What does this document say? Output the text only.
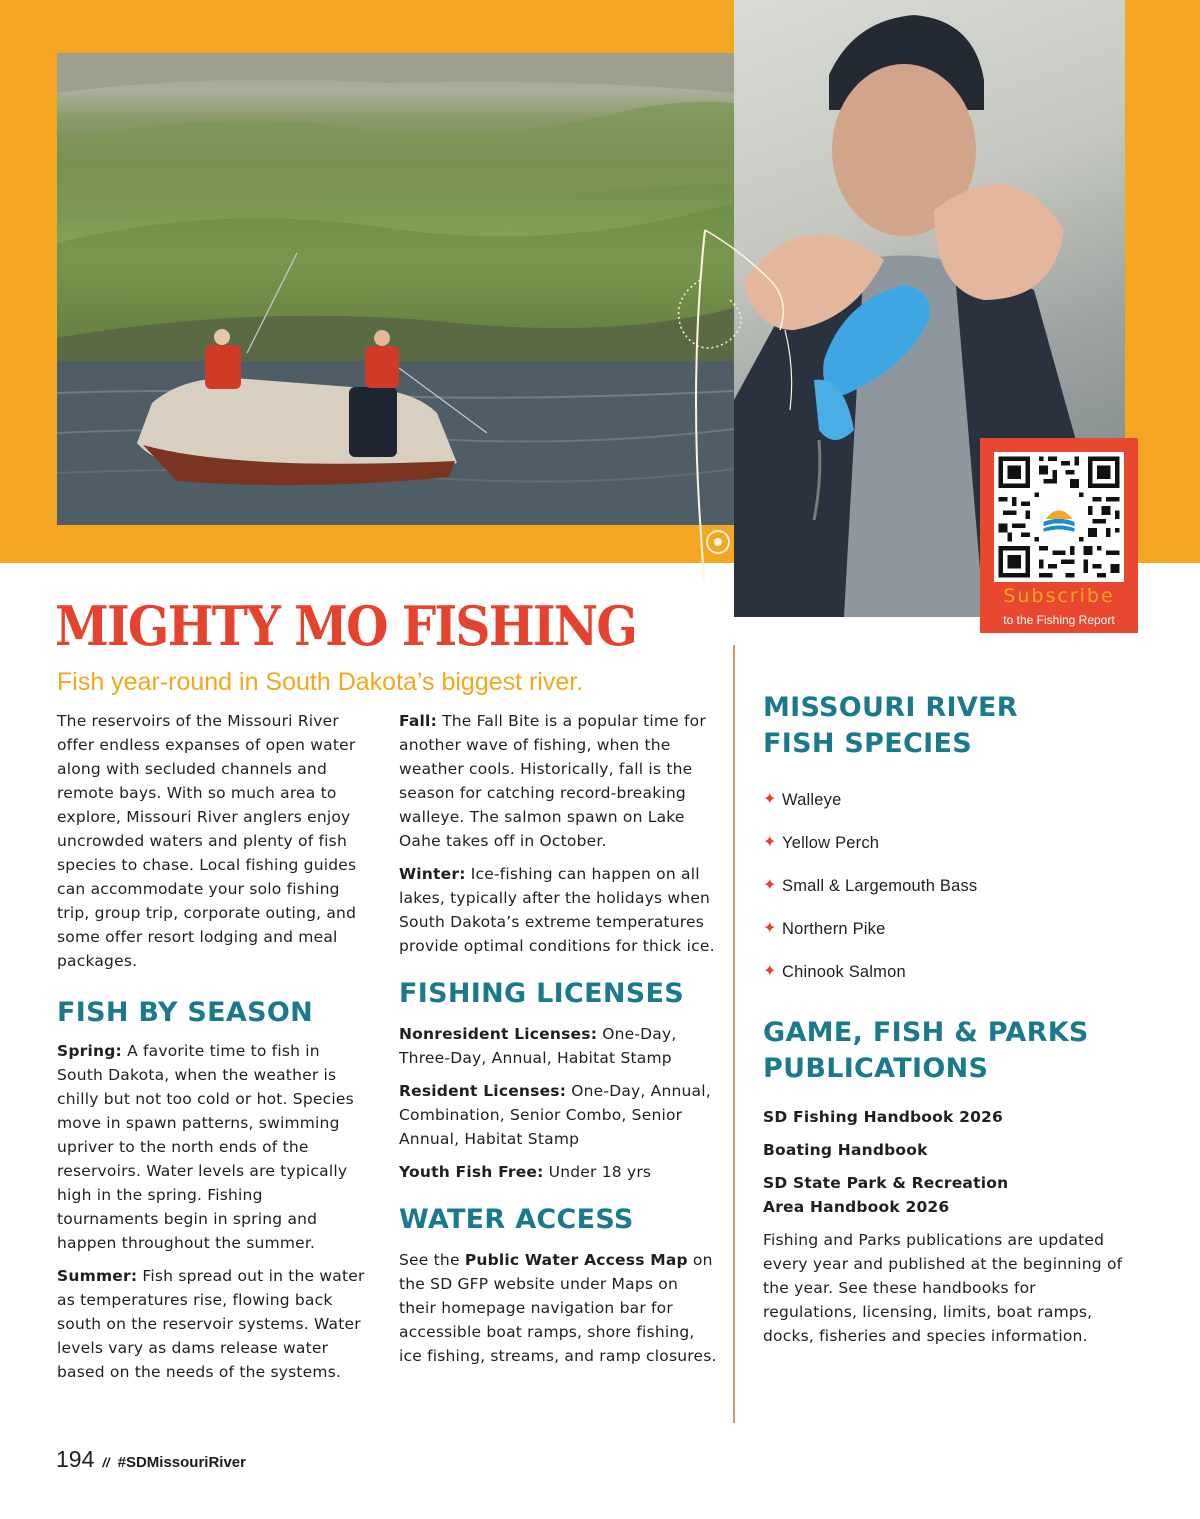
Subscribe
to the Fishing Report
MIGHTY MO FISHING
Fish year-round in South Dakota’s biggest river.

The reservoirs of the Missouri River offer endless expanses of open water along with secluded channels and remote bays. With so much area to explore, Missouri River anglers enjoy uncrowded waters and plenty of fish species to chase. Local fishing guides can accommodate your solo fishing trip, group trip, corporate outing, and some offer resort lodging and meal packages.

FISH BY SEASON

Spring: A favorite time to fish in South Dakota, when the weather is chilly but not too cold or hot. Species move in spawn patterns, swimming upriver to the north ends of the reservoirs. Water levels are typically high in the spring. Fishing tournaments begin in spring and happen throughout the summer.

Summer: Fish spread out in the water as temperatures rise, flowing back south on the reservoir systems. Water levels vary as dams release water based on the needs of the systems.

Fall: The Fall Bite is a popular time for another wave of fishing, when the weather cools. Historically, fall is the season for catching record-breaking walleye. The salmon spawn on Lake Oahe takes off in October.

Winter: Ice-fishing can happen on all lakes, typically after the holidays when South Dakota’s extreme temperatures provide optimal conditions for thick ice.

FISHING LICENSES

Nonresident Licenses: One-Day, Three-Day, Annual, Habitat Stamp

Resident Licenses: One-Day, Annual, Combination, Senior Combo, Senior Annual, Habitat Stamp

Youth Fish Free: Under 18 yrs

WATER ACCESS

See the Public Water Access Map on the SD GFP website under Maps on their homepage navigation bar for accessible boat ramps, shore fishing, ice fishing, streams, and ramp closures.

MISSOURI RIVER
FISH SPECIES
✦ Walleye
✦ Yellow Perch
✦ Small & Largemouth Bass
✦ Northern Pike
✦ Chinook Salmon
GAME, FISH & PARKS
PUBLICATIONS
SD Fishing Handbook 2026
Boating Handbook
SD State Park & Recreation Area Handbook 2026

Fishing and Parks publications are updated every year and published at the beginning of the year. See these handbooks for regulations, licensing, limits, boat ramps, docks, fisheries and species information.

194 // #SDMissouriRiver
